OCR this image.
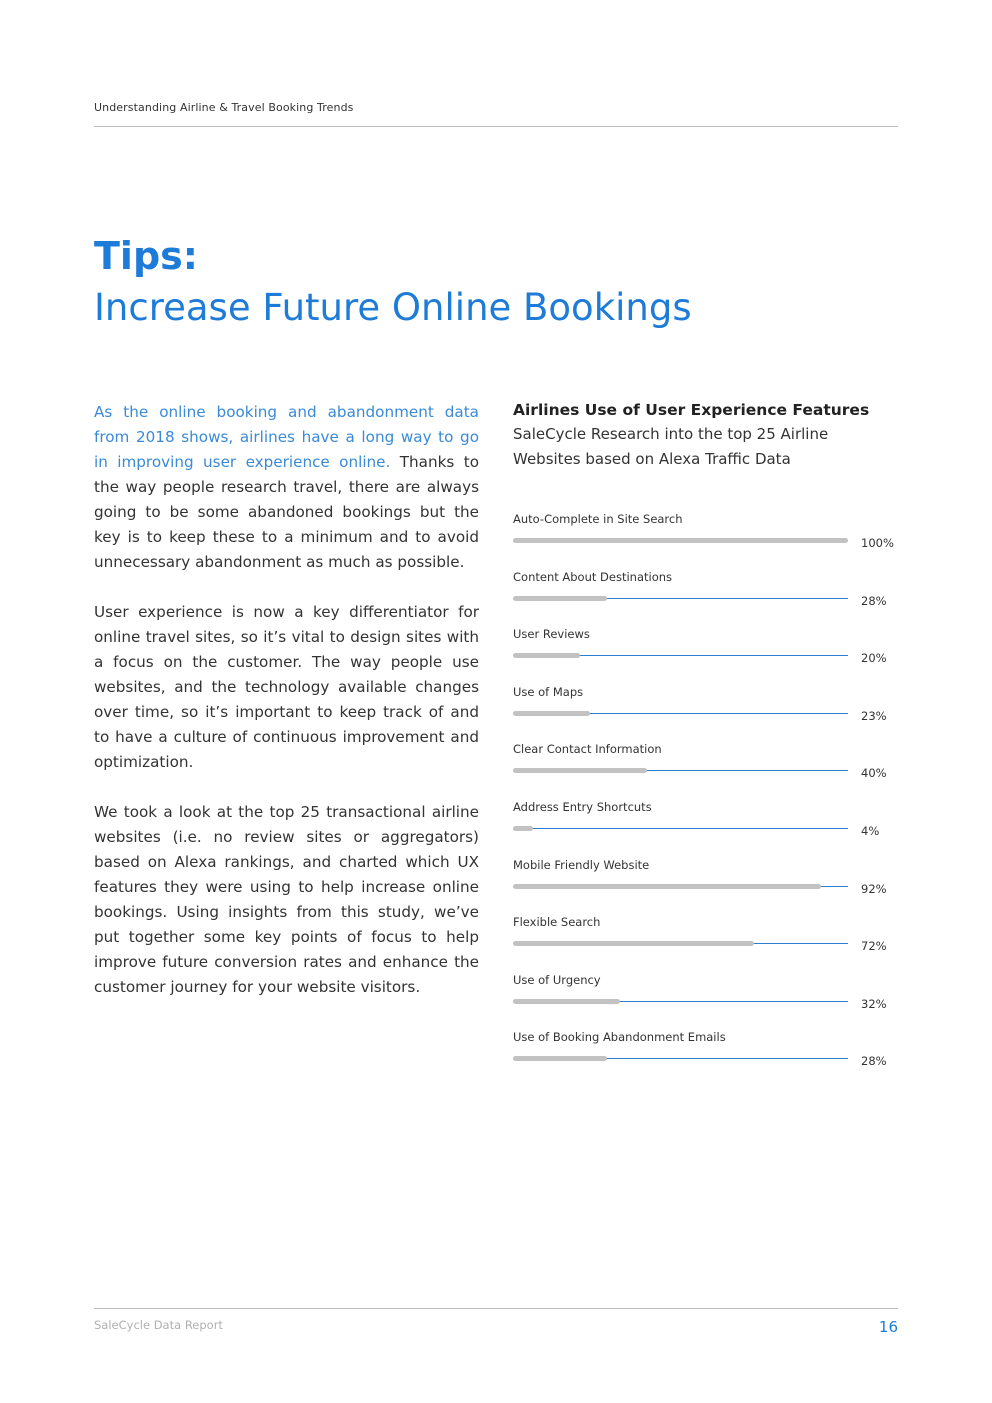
Understanding Airline & Travel Booking Trends
Tips:
Increase Future Online Bookings

As the online booking and abandonment data from 2018 shows, airlines have a long way to go in improving user experience online. Thanks to the way people research travel, there are always going to be some abandoned bookings but the key is to keep these to a minimum and to avoid unnecessary abandonment as much as possible.

User experience is now a key differentiator for online travel sites, so it’s vital to design sites with a focus on the customer. The way people use websites, and the technology available changes over time, so it’s important to keep track of and to have a culture of continuous improvement and optimization.

We took a look at the top 25 transactional airline websites (i.e. no review sites or aggregators) based on Alexa rankings, and charted which UX features they were using to help increase online bookings. Using insights from this study, we’ve put together some key points of focus to help improve future conversion rates and enhance the customer journey for your website visitors.

Airlines Use of User Experience Features
SaleCycle Research into the top 25 Airline Websites based on Alexa Traffic Data
Auto-Complete in Site Search
100%
Content About Destinations
28%
User Reviews
20%
Use of Maps
23%
Clear Contact Information
40%
Address Entry Shortcuts
4%
Mobile Friendly Website
92%
Flexible Search
72%
Use of Urgency
32%
Use of Booking Abandonment Emails
28%
SaleCycle Data Report	16
